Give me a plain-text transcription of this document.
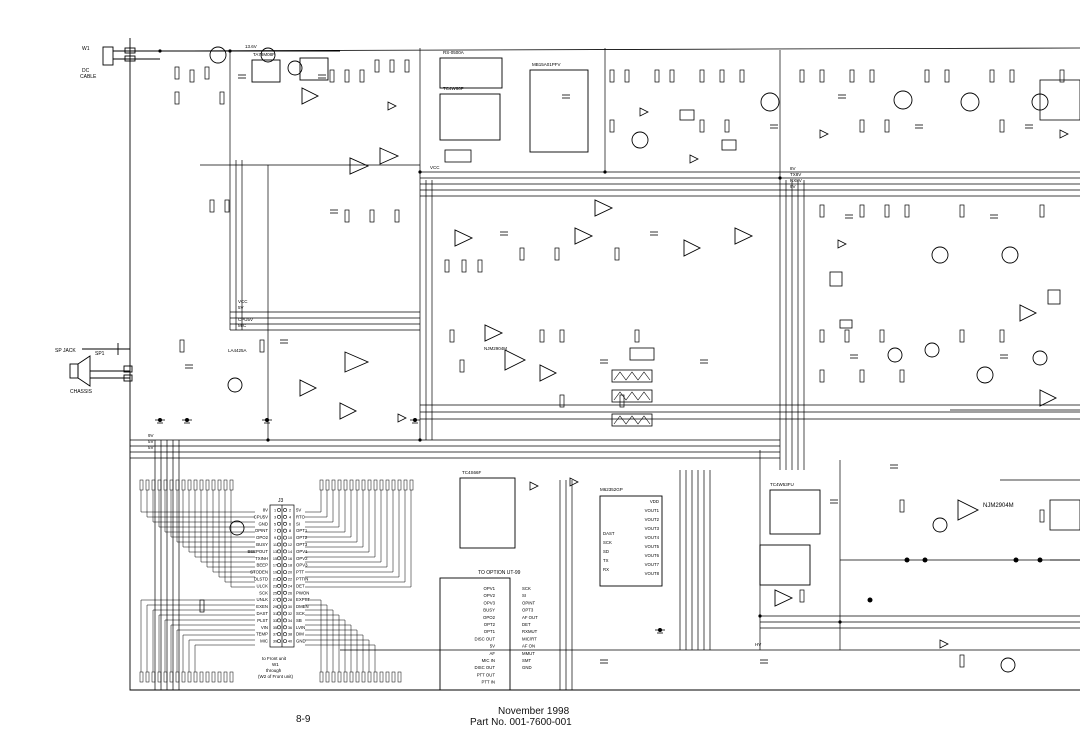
W1
DC
CABLE
TA78M08F	RS-0500A
TC4W66F
MB15A01PFV
LA4425A	NJM2904M
M62352GP
TC4W53FU
TC4S66F
NJM2904M
SP JACK	SP1
CHASSIS
J3
8V 1	2 5V
CPU5V 3	4 RTO
GND 5	6 SI
OPINT 7	8 OPT1
OPO2 9	10 OPT2
BUSY 11	12 OPT3
BEEPOUT 13	14 OPV1
TXINH 15	16 OPV2
BEEP 17	18 OPV3
STODEN 19	20 PTT
DLSTD 21	22 PTTIN
ULCK 23	24 DET
SCK 25	26 PWON
UNLK 27	28 EXPTT
EXEN 29	30 DMEN
DAST 31	32 SCK
PLST 33	34 SB
VIN 35	36 LVIN
TEMP 37	38 DIM
MIC 39	40 GND
to Front unit
W1
through
(W2 of Front unit)
TO OPTION UT-99
OPV1
OPV2
OPV3
BUSY
OPO2
OPT2
OPT1
DISC OUT
5V
AF
MIC IN
DISC OUT
PTT OUT
PTT IN
SCK
SI
OPINT
OPT3
AF OUT
DET
RXMUT
MIC/RT
AF ON
MMUT
SMT
GND
DAST
SCK
SD
TX
RX
VDD
VOUT1
VOUT2
VOUT3
VOUT4
VOUT5
VOUT6
VOUT7
VOUT8
13.6V
VCC
5V
CPU5V
MIC
9V
5V
5V
8V
TX8V
RX8V
9V
VCC
HV
8-9
November 1998
Part No. 001-7600-001
